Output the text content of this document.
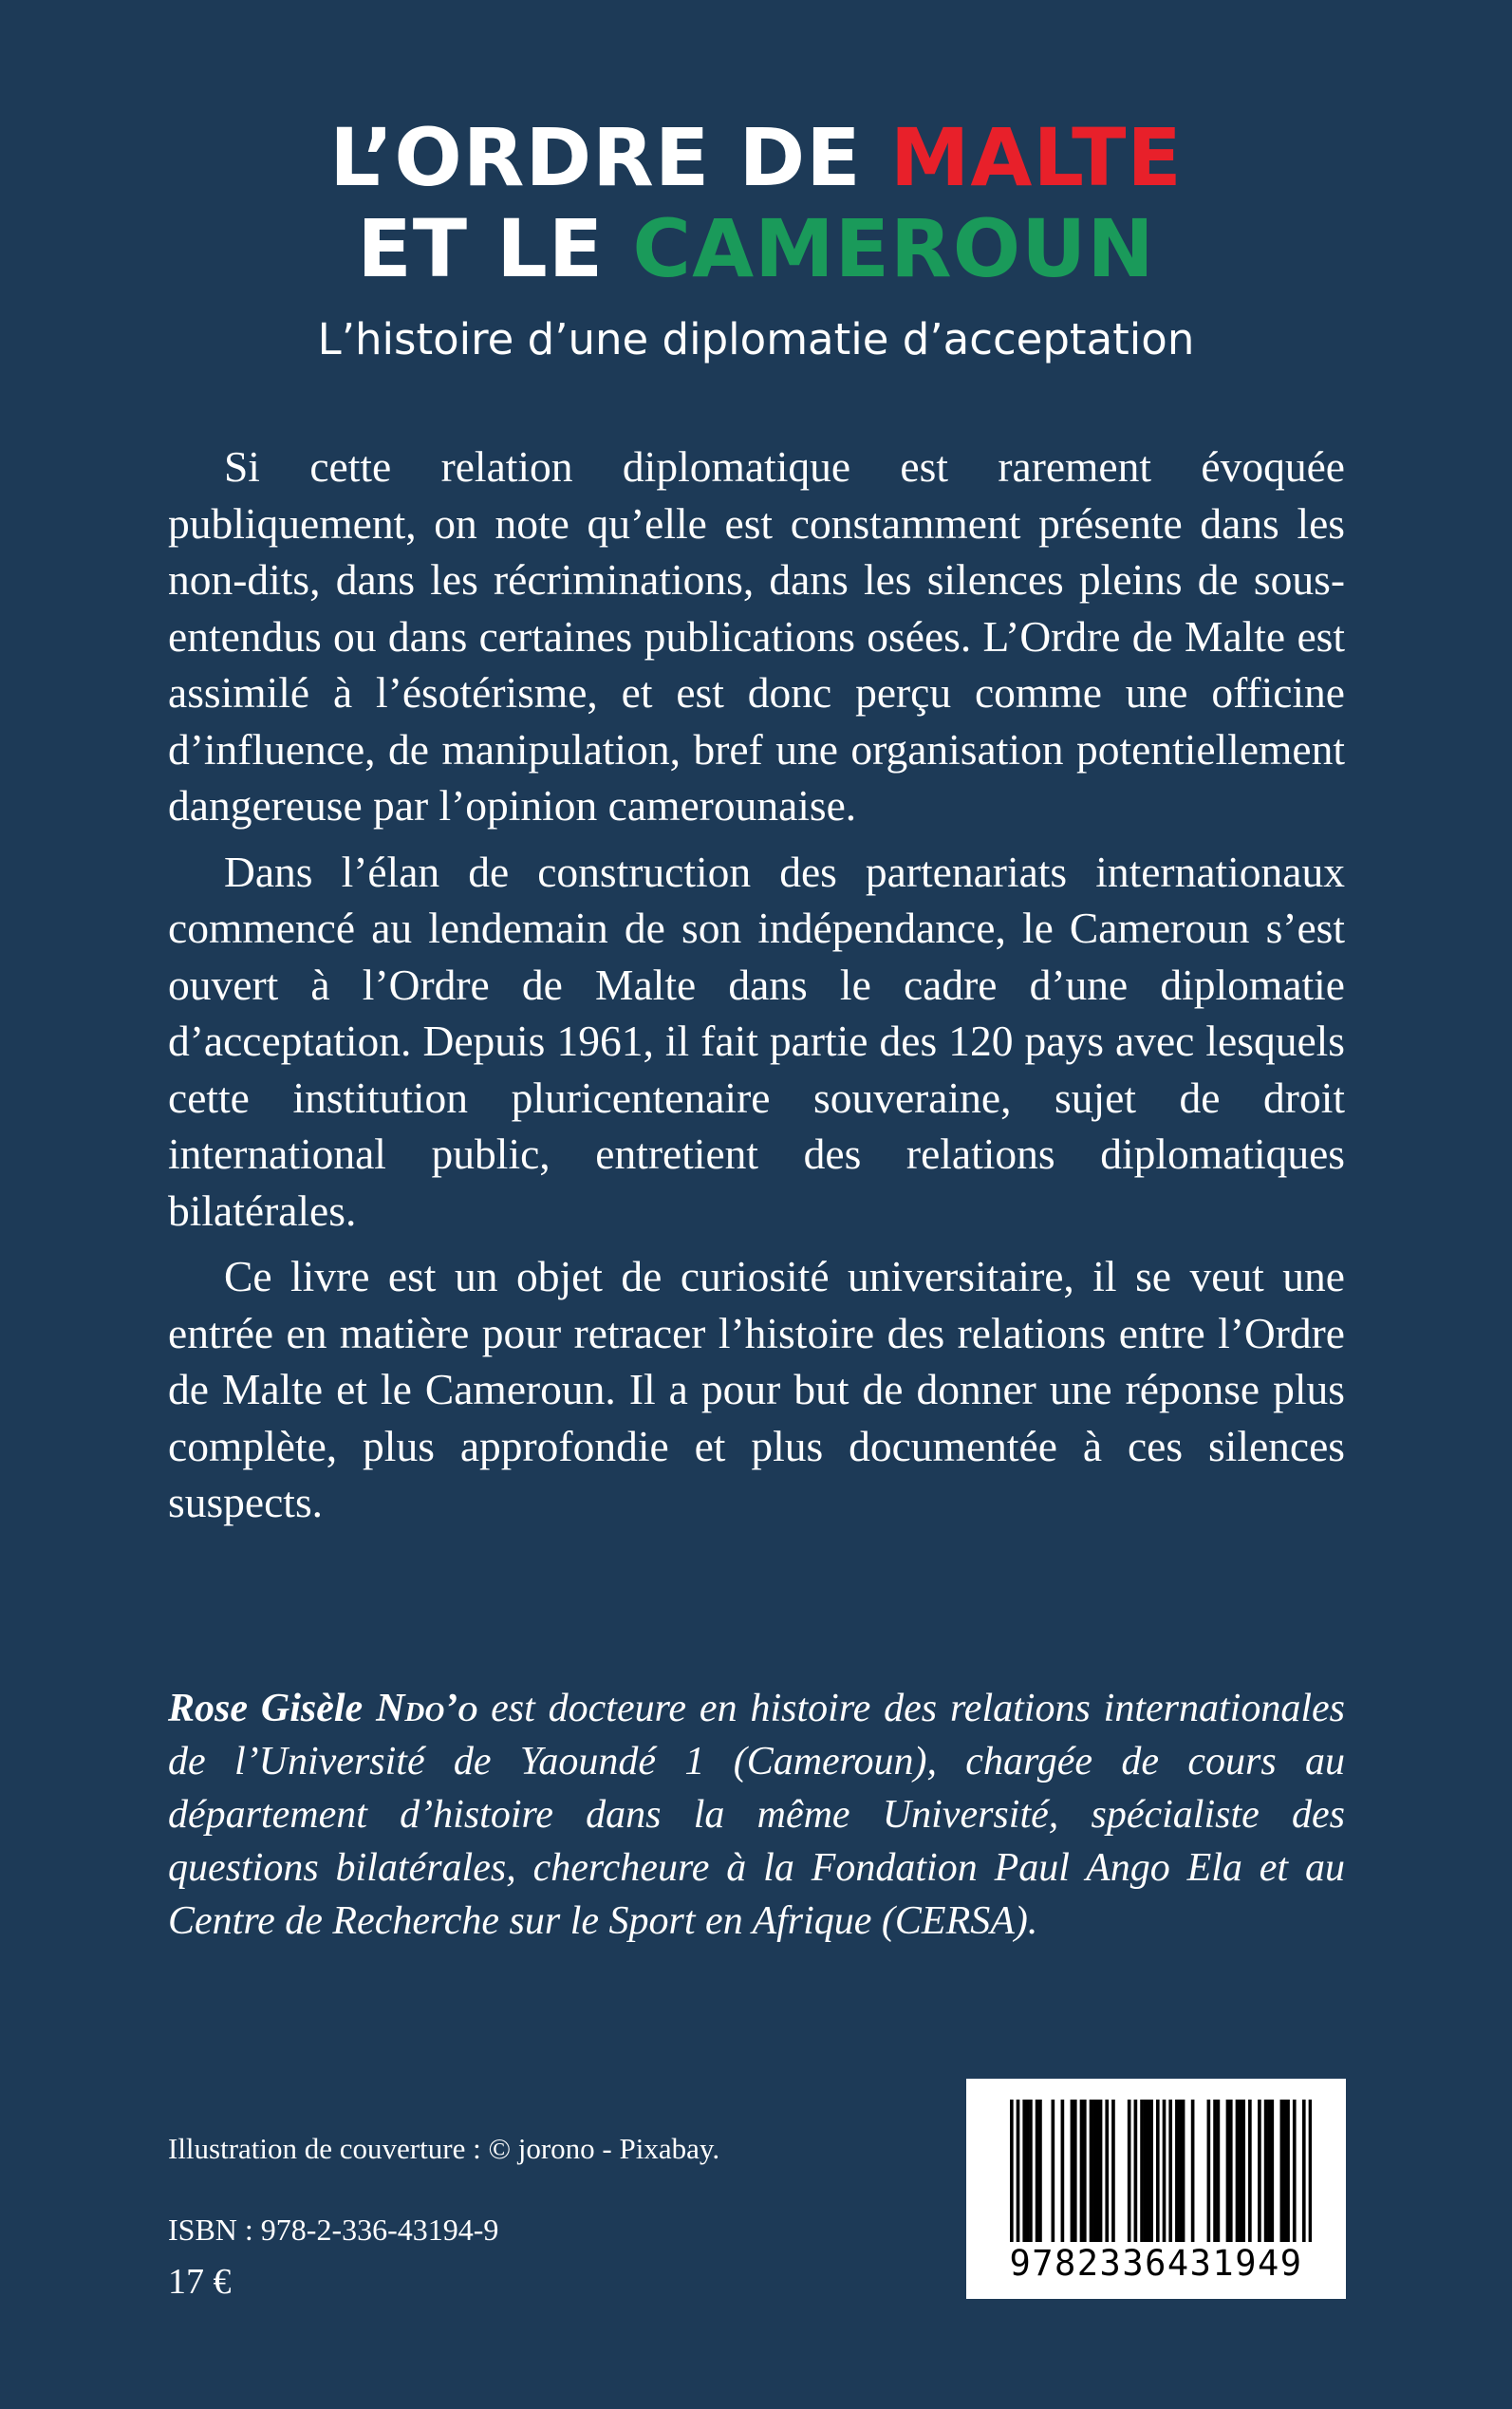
L’ORDRE DE MALTE
ET LE CAMEROUN
L’histoire d’une diplomatie d’acceptation

Si cette relation diplomatique est rarement évoquée publiquement, on note qu’elle est constamment présente dans les non-dits, dans les récriminations, dans les silences pleins de sous-entendus ou dans certaines publications osées. L’Ordre de Malte est assimilé à l’ésotérisme, et est donc perçu comme une officine d’influence, de manipulation, bref une organisation potentiellement dangereuse par l’opinion camerounaise.

Dans l’élan de construction des partenariats internationaux commencé au lendemain de son indépendance, le Cameroun s’est ouvert à l’Ordre de Malte dans le cadre d’une diplomatie d’acceptation. Depuis 1961, il fait partie des 120 pays avec lesquels cette institution pluricentenaire souveraine, sujet de droit international public, entretient des relations diplomatiques bilatérales.

Ce livre est un objet de curiosité universitaire, il se veut une entrée en matière pour retracer l’histoire des relations entre l’Ordre de Malte et le Cameroun. Il a pour but de donner une réponse plus complète, plus approfondie et plus documentée à ces silences suspects.

Rose Gisèle Ndo’o est docteure en histoire des relations internationales de l’Université de Yaoundé 1 (Cameroun), chargée de cours au département d’histoire dans la même Université, spécialiste des questions bilatérales, chercheure à la Fondation Paul Ango Ela et au Centre de Recherche sur le Sport en Afrique (CERSA).
Illustration de couverture : © jorono - Pixabay.
ISBN : 978-2-336-43194-9
17 €	9782336431949
